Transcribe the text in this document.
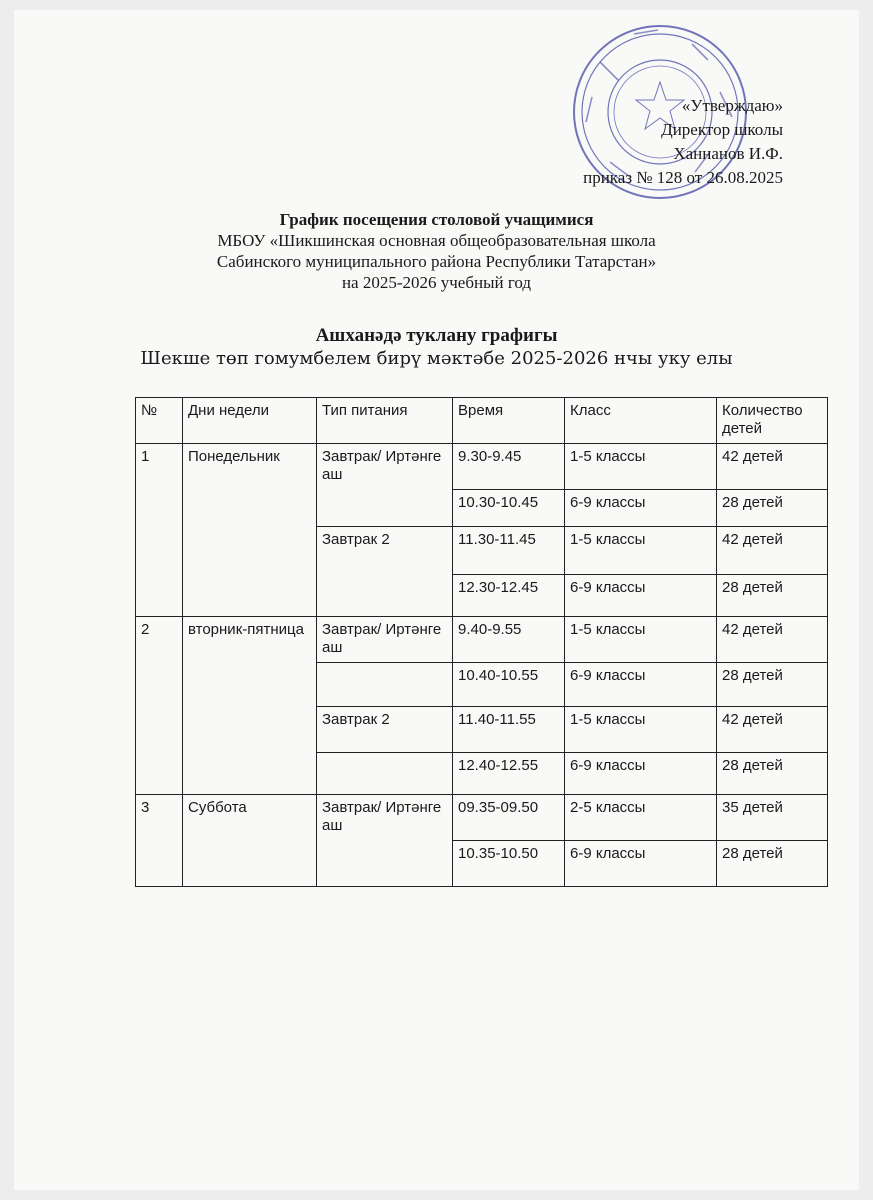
«Утверждаю»
Директор школы
Ханнанов И.Ф.
приказ № 128 от 26.08.2025
График посещения столовой учащимися
МБОУ «Шикшинская основная общеобразовательная школа
Сабинского муниципального района Республики Татарстан»
на 2025-2026 учебный год
Ашханәдә туклану графигы
Шекше төп гомумбелем бирү мәктәбе 2025-2026 нчы уку елы
№	Дни недели	Тип питания	Время	Класс	Количество детей
1	Понедельник	Завтрак/ Иртәнге аш	9.30-9.45	1-5 классы	42 детей
			10.30-10.45	6-9 классы	28 детей
		Завтрак 2	11.30-11.45	1-5 классы	42 детей
			12.30-12.45	6-9 классы	28 детей
2	вторник-пятница	Завтрак/ Иртәнге аш	9.40-9.55	1-5 классы	42 детей
			10.40-10.55	6-9 классы	28 детей
		Завтрак 2	11.40-11.55	1-5 классы	42 детей
			12.40-12.55	6-9 классы	28 детей
3	Суббота	Завтрак/ Иртәнге аш	09.35-09.50	2-5 классы	35 детей
			10.35-10.50	6-9 классы	28 детей
